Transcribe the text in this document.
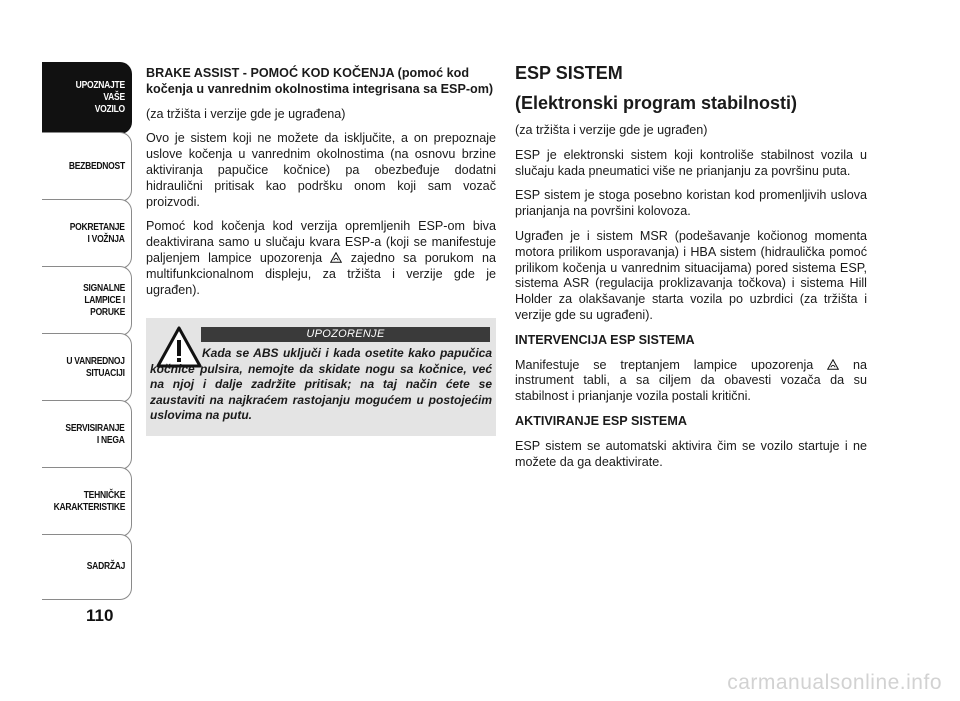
UPOZNAJTE
VAŠE
VOZILO
BEZBEDNOST
POKRETANJE
I VOŽNJA
SIGNALNE
LAMPICE I PORUKE
U VANREDNOJ
SITUACIJI
SERVISIRANJE
I NEGA
TEHNIČKE
KARAKTERISTIKE
SADRŽAJ
110

BRAKE ASSIST - POMOĆ KOD KOČENJA (pomoć kod
kočenja u vanrednim okolnostima integrisana sa ESP-om)

(za tržišta i verzije gde je ugrađena)

Ovo je sistem koji ne možete da isključite, a on prepoznaje uslove kočenja u vanrednim okolnostima (na osnovu brzine aktiviranja papučice kočnice) pa obezbeđuje dodatni hidraulični pritisak kao podršku onom koji sam vozač proizvodi.

Pomoć kod kočenja kod verzija opremljenih ESP-om biva deaktivirana samo u slučaju kvara ESP-a (koji se manifestuje paljenjem lampice upozorenja zajedno sa porukom na multifunkcionalnom displeju, za tržišta i verzije gde je ugrađen).

UPOZORENJE
Kada se ABS uključi i kada osetite kako papučica kočnice pulsira, nemojte da skidate nogu sa kočnice, već na njoj i dalje zadržite pritisak; na taj način ćete se zaustaviti na najkraćem rastojanju mogućem u postojećim uslovima na putu.

ESP SISTEM

(Elektronski program stabilnosti)

(za tržišta i verzije gde je ugrađen)

ESP je elektronski sistem koji kontroliše stabilnost vozila u slučaju kada pneumatici više ne prianjanju za površinu puta.

ESP sistem je stoga posebno koristan kod promenljivih uslova prianjanja na površini kolovoza.

Ugrađen je i sistem MSR (podešavanje kočionog momenta motora prilikom usporavanja) i HBA sistem (hidraulička pomoć prilikom kočenja u vanrednim situacijama) pored sistema ESP, sistema ASR (regulacija proklizavanja točkova) i sistema Hill Holder za olakšavanje starta vozila po uzbrdici (za tržišta i verzije gde su ugrađeni).

INTERVENCIJA ESP SISTEMA

Manifestuje se treptanjem lampice upozorenja	na instrument tabli, a sa ciljem da obavesti vozača da su stabilnost i prianjanje vozila postali kritični.

AKTIVIRANJE ESP SISTEMA

ESP sistem se automatski aktivira čim se vozilo startuje i ne možete da ga deaktivirate.

carmanualsonline.info
